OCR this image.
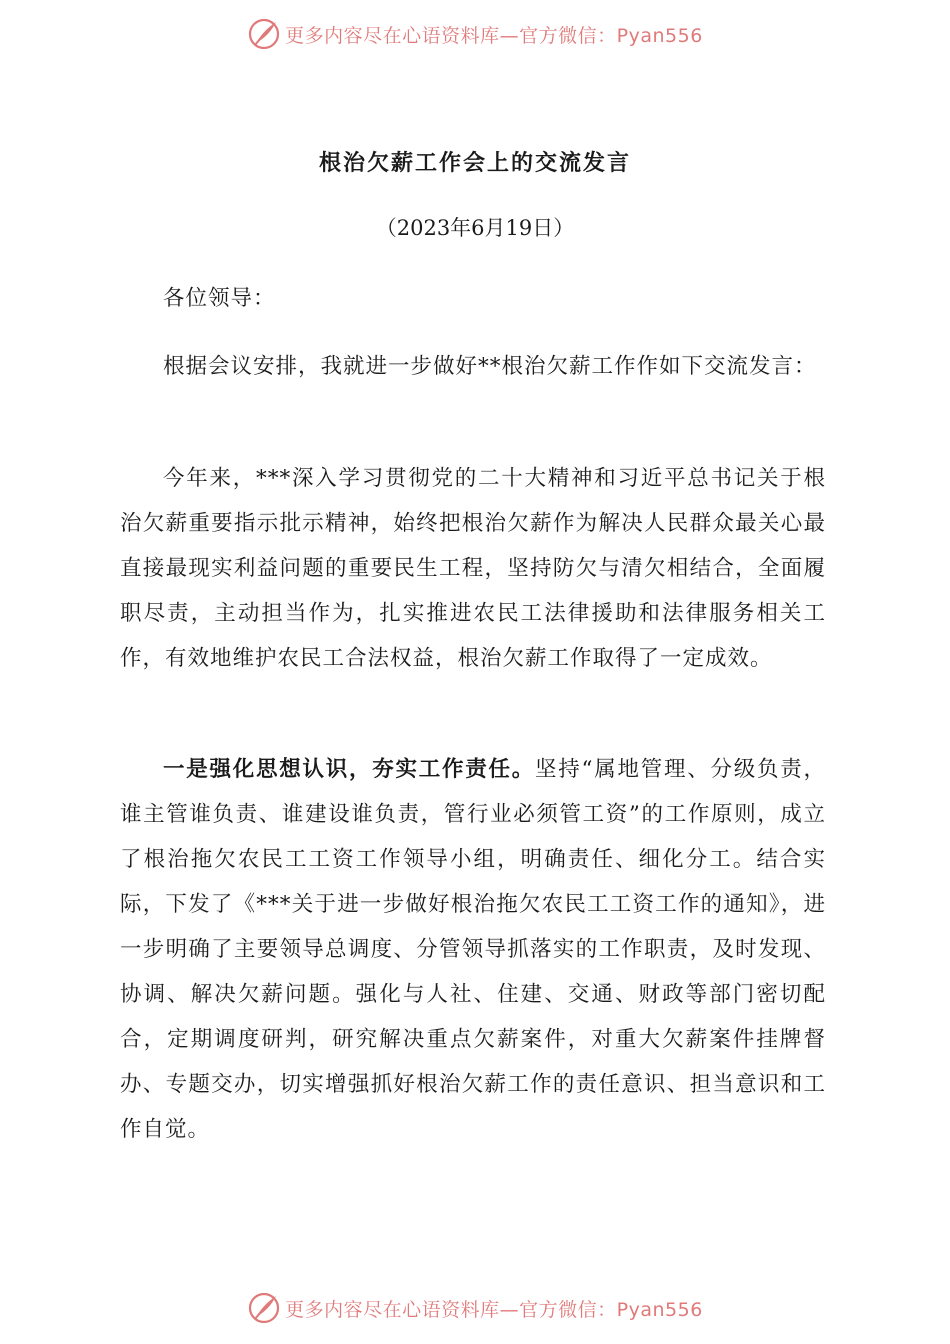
更多内容尽在心语资料库—官方微信：Pyan556
根治欠薪工作会上的交流发言

（2023年6月19日）

各位领导：

根据会议安排，我就进一步做好**根治欠薪工作作如下交流发言：

今年来，***深入学习贯彻党的二十大精神和习近平总书记关于根治欠薪重要指示批示精神，始终把根治欠薪作为解决人民群众最关心最直接最现实利益问题的重要民生工程，坚持防欠与清欠相结合，全面履职尽责，主动担当作为，扎实推进农民工法律援助和法律服务相关工作，有效地维护农民工合法权益，根治欠薪工作取得了一定成效。

一是强化思想认识，夯实工作责任。坚持“属地管理、分级负责，谁主管谁负责、谁建设谁负责，管行业必须管工资”的工作原则，成立了根治拖欠农民工工资工作领导小组，明确责任、细化分工。结合实际，下发了《***关于进一步做好根治拖欠农民工工资工作的通知》，进一步明确了主要领导总调度、分管领导抓落实的工作职责，及时发现、协调、解决欠薪问题。强化与人社、住建、交通、财政等部门密切配合，定期调度研判，研究解决重点欠薪案件，对重大欠薪案件挂牌督办、专题交办，切实增强抓好根治欠薪工作的责任意识、担当意识和工作自觉。

更多内容尽在心语资料库—官方微信：Pyan556
